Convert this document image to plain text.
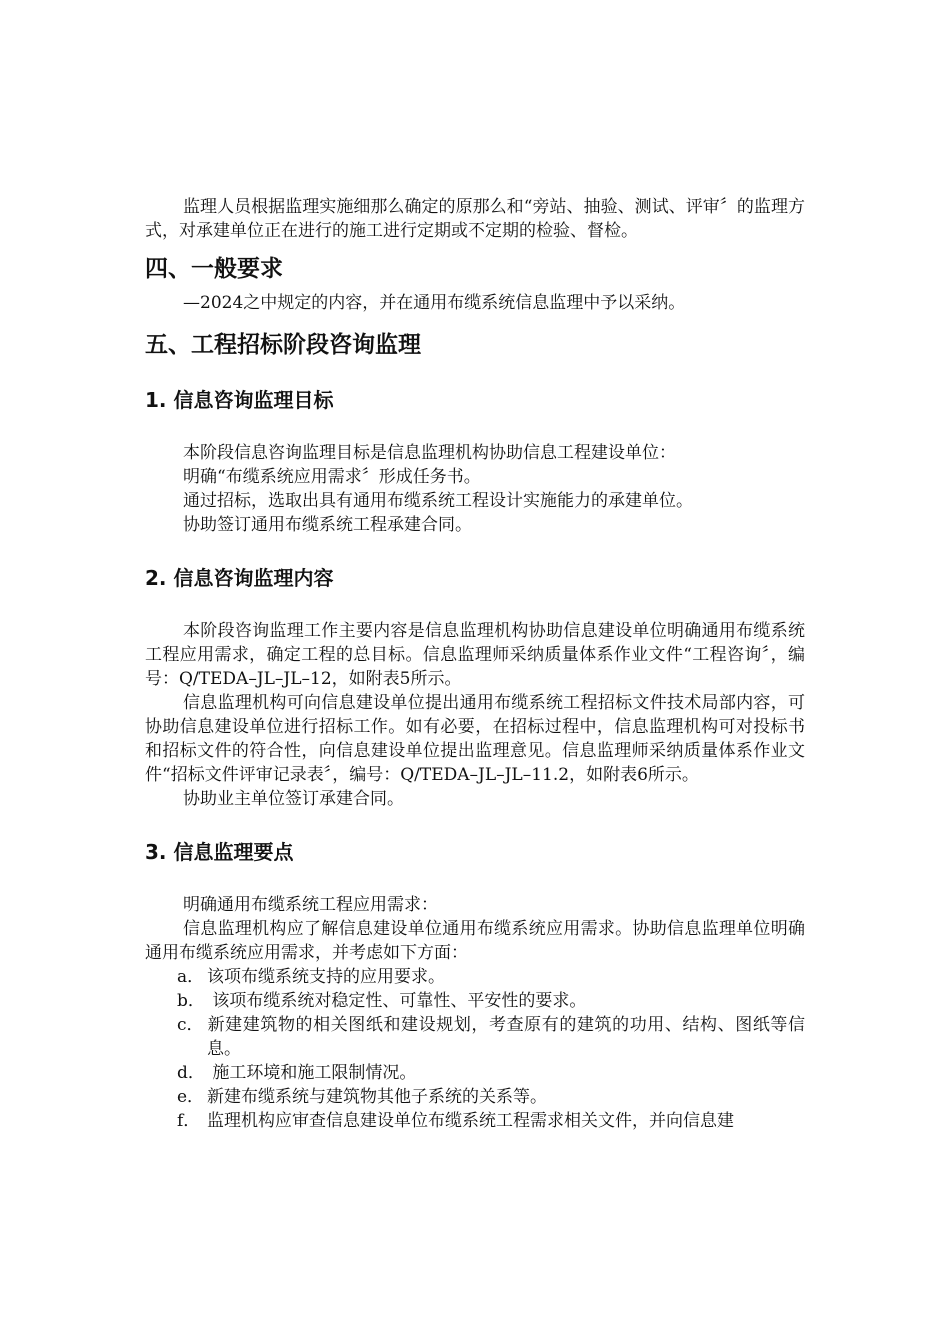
监理人员根据监理实施细那么确定的原那么和“旁站、抽验、测试、评审〞的监理方式，对承建单位正在进行的施工进行定期或不定期的检验、督检。

四、一般要求

—2024之中规定的内容，并在通用布缆系统信息监理中予以采纳。

五、工程招标阶段咨询监理
1. 信息咨询监理目标

本阶段信息咨询监理目标是信息监理机构协助信息工程建设单位：

明确“布缆系统应用需求〞形成任务书。

通过招标，选取出具有通用布缆系统工程设计实施能力的承建单位。

协助签订通用布缆系统工程承建合同。

2. 信息咨询监理内容

本阶段咨询监理工作主要内容是信息监理机构协助信息建设单位明确通用布缆系统工程应用需求，确定工程的总目标。信息监理师采纳质量体系作业文件“工程咨询〞，编号：Q/TEDA–JL–JL–12，如附表5所示。

信息监理机构可向信息建设单位提出通用布缆系统工程招标文件技术局部内容，可协助信息建设单位进行招标工作。如有必要，在招标过程中，信息监理机构可对投标书和招标文件的符合性，向信息建设单位提出监理意见。信息监理师采纳质量体系作业文件“招标文件评审记录表〞，编号：Q/TEDA–JL–JL–11.2，如附表6所示。

协助业主单位签订承建合同。

3. 信息监理要点

明确通用布缆系统工程应用需求：

信息监理机构应了解信息建设单位通用布缆系统应用需求。协助信息监理单位明确通用布缆系统应用需求，并考虑如下方面：

a． 该项布缆系统支持的应用要求。

b． 该项布缆系统对稳定性、可靠性、平安性的要求。

c． 新建建筑物的相关图纸和建设规划，考查原有的建筑的功用、结构、图纸等信息。

d． 施工环境和施工限制情况。

e． 新建布缆系统与建筑物其他子系统的关系等。

f． 监理机构应审查信息建设单位布缆系统工程需求相关文件，并向信息建
